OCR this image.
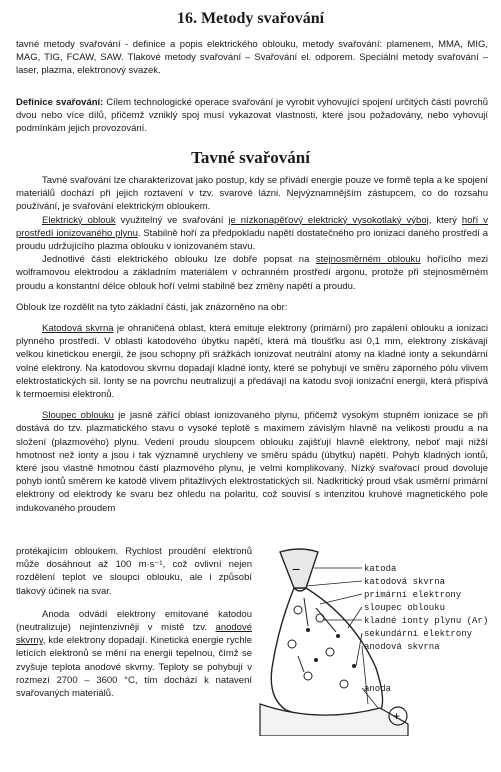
16. Metody svařování

tavné metody svařování - definice a popis elektrického oblouku, metody svařování: plamenem, MMA, MIG, MAG, TIG, FCAW, SAW. Tlakové metody svařování – Svařování el. odporem. Speciální metody svařování – laser, plazma, elektronový svazek.

Definice svařování: Cílem technologické operace svařování je vyrobit vyhovující spojení určitých částí povrchů dvou nebo více dílů, přičemž vzniklý spoj musí vykazovat vlastnosti, které jsou požadovány, nebo vyhovují podmínkám jejich provozování.

Tavné svařování

Tavné svařování lze charakterizovat jako postup, kdy se přivádí energie pouze ve formě tepla a ke spojení materiálů dochází při jejich roztavení v tzv. svarové lázni. Nejvýznamnějším zástupcem, co do rozsahu používání, je svařování elektrickým obloukem.

Elektrický oblouk využitelný ve svařování je nízkonapěťový elektrický vysokotlaký výboj, který hoří v prostředí ionizovaného plynu. Stabilně hoří za předpokladu napětí dostatečného pro ionizaci daného prostředí a proudu udržujícího plazma oblouku v ionizovaném stavu.

Jednotlivé části elektrického oblouku lze dobře popsat na stejnosměrném oblouku hořícího mezi wolframovou elektrodou a základním materiálem v ochranném prostředí argonu, protože při stejnosměrném proudu a konstantní délce oblouk hoří velmi stabilně bez změny napětí a proudu.

Oblouk lze rozdělit na tyto základní části, jak znázorněno na obr:

Katodová skvrna je ohraničená oblast, která emituje elektrony (primární) pro zapálení oblouku a ionizaci plynného prostředí. V oblasti katodového úbytku napětí, která má tloušťku asi 0,1 mm, elektrony získávají velkou kinetickou energii, že jsou schopny při srážkách ionizovat neutrální atomy na kladné ionty a sekundární volné elektrony. Na katodovou skvrnu dopadají kladné ionty, které se pohybují ve směru záporného pólu vlivem elektrostatických sil. Ionty se na povrchu neutralizují a předávají na katodu svoji ionizační energii, která přispívá k termoemisi elektronů.

Sloupec oblouku je jasně zářící oblast ionizovaného plynu, přičemž vysokým stupněm ionizace se při dostává do tzv. plazmatického stavu o vysoké teplotě s maximem závislým hlavně na velikosti proudu a na složení (plazmového) plynu. Vedení proudu sloupcem oblouku zajišťují hlavně elektrony, neboť mají nižší hmotnost než ionty a jsou i tak významně urychleny ve směru spádu (úbytku) napětí. Pohyb kladných iontů, které jsou vlastně hmotnou částí plazmového plynu, je velmi komplikovaný. Nízký svařovací proud dovoluje pohyb iontů směrem ke katodě vlivem přitažlivých elektrostatických sil. Nadkritický proud však usměrní primární elektrony od elektrody ke svaru bez ohledu na polaritu, což souvisí s intenzitou kruhové magnetického pole indukovaného proudem

protékajícím obloukem. Rychlost proudění elektronů může dosáhnout až 100 m·s⁻¹, což ovlivní nejen rozdělení teplot ve sloupci oblouku, ale i způsobí tlakový účinek na svar.

Anoda odvádí elektrony emitované katodou (neutralizuje) nejintenzivněji v místě tzv. anodové skvrny, kde elektrony dopadají. Kinetická energie rychle letících elektronů se mění na energii tepelnou, čímž se zvyšuje teplota anodové skvrny. Teploty se pohybují v rozmezí 2700 – 3600 °C, tím dochází k natavení svařovaných materiálů.

−
+
katoda
katodová skvrna
primární elektrony
sloupec oblouku
kladné ionty plynu (Ar)
sekundární elektrony
anodová skvrna
anoda
